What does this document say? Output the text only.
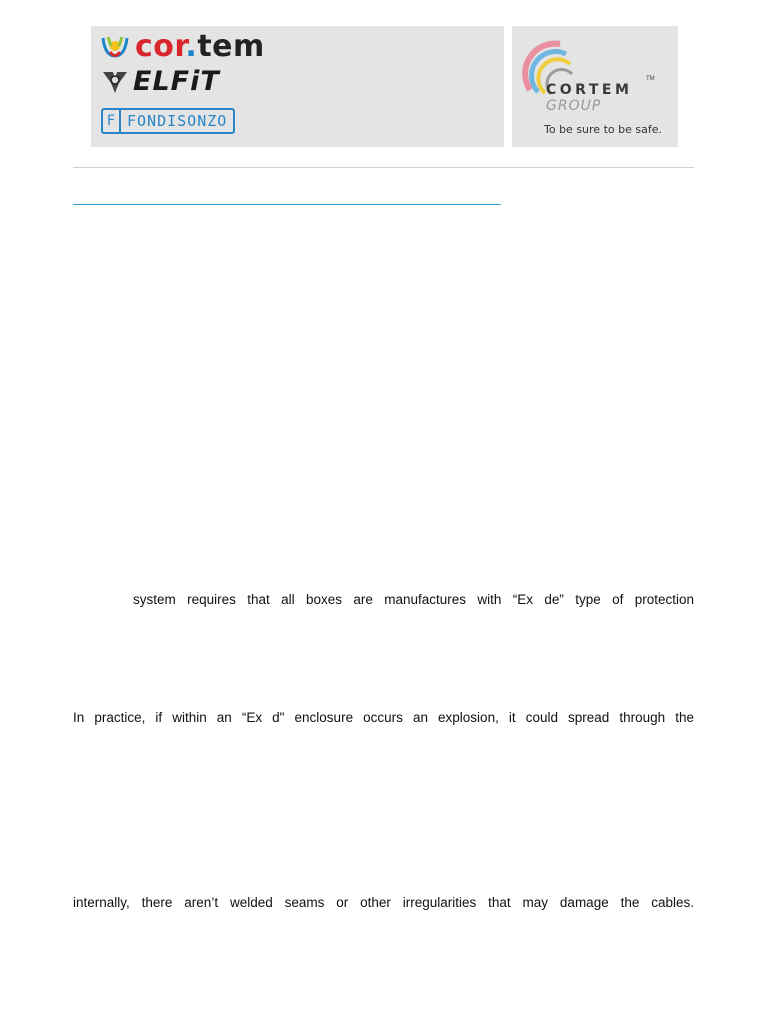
cor.tem
ELFiT
F FONDISONZO
CORTEM
TM
GROUP
To be sure to be safe.
system requires that all boxes are manufactures with “Ex de” type of protection
In practice, if within an “Ex d" enclosure occurs an explosion, it could spread through the
internally, there aren’t welded seams or other irregularities that may damage the cables.
